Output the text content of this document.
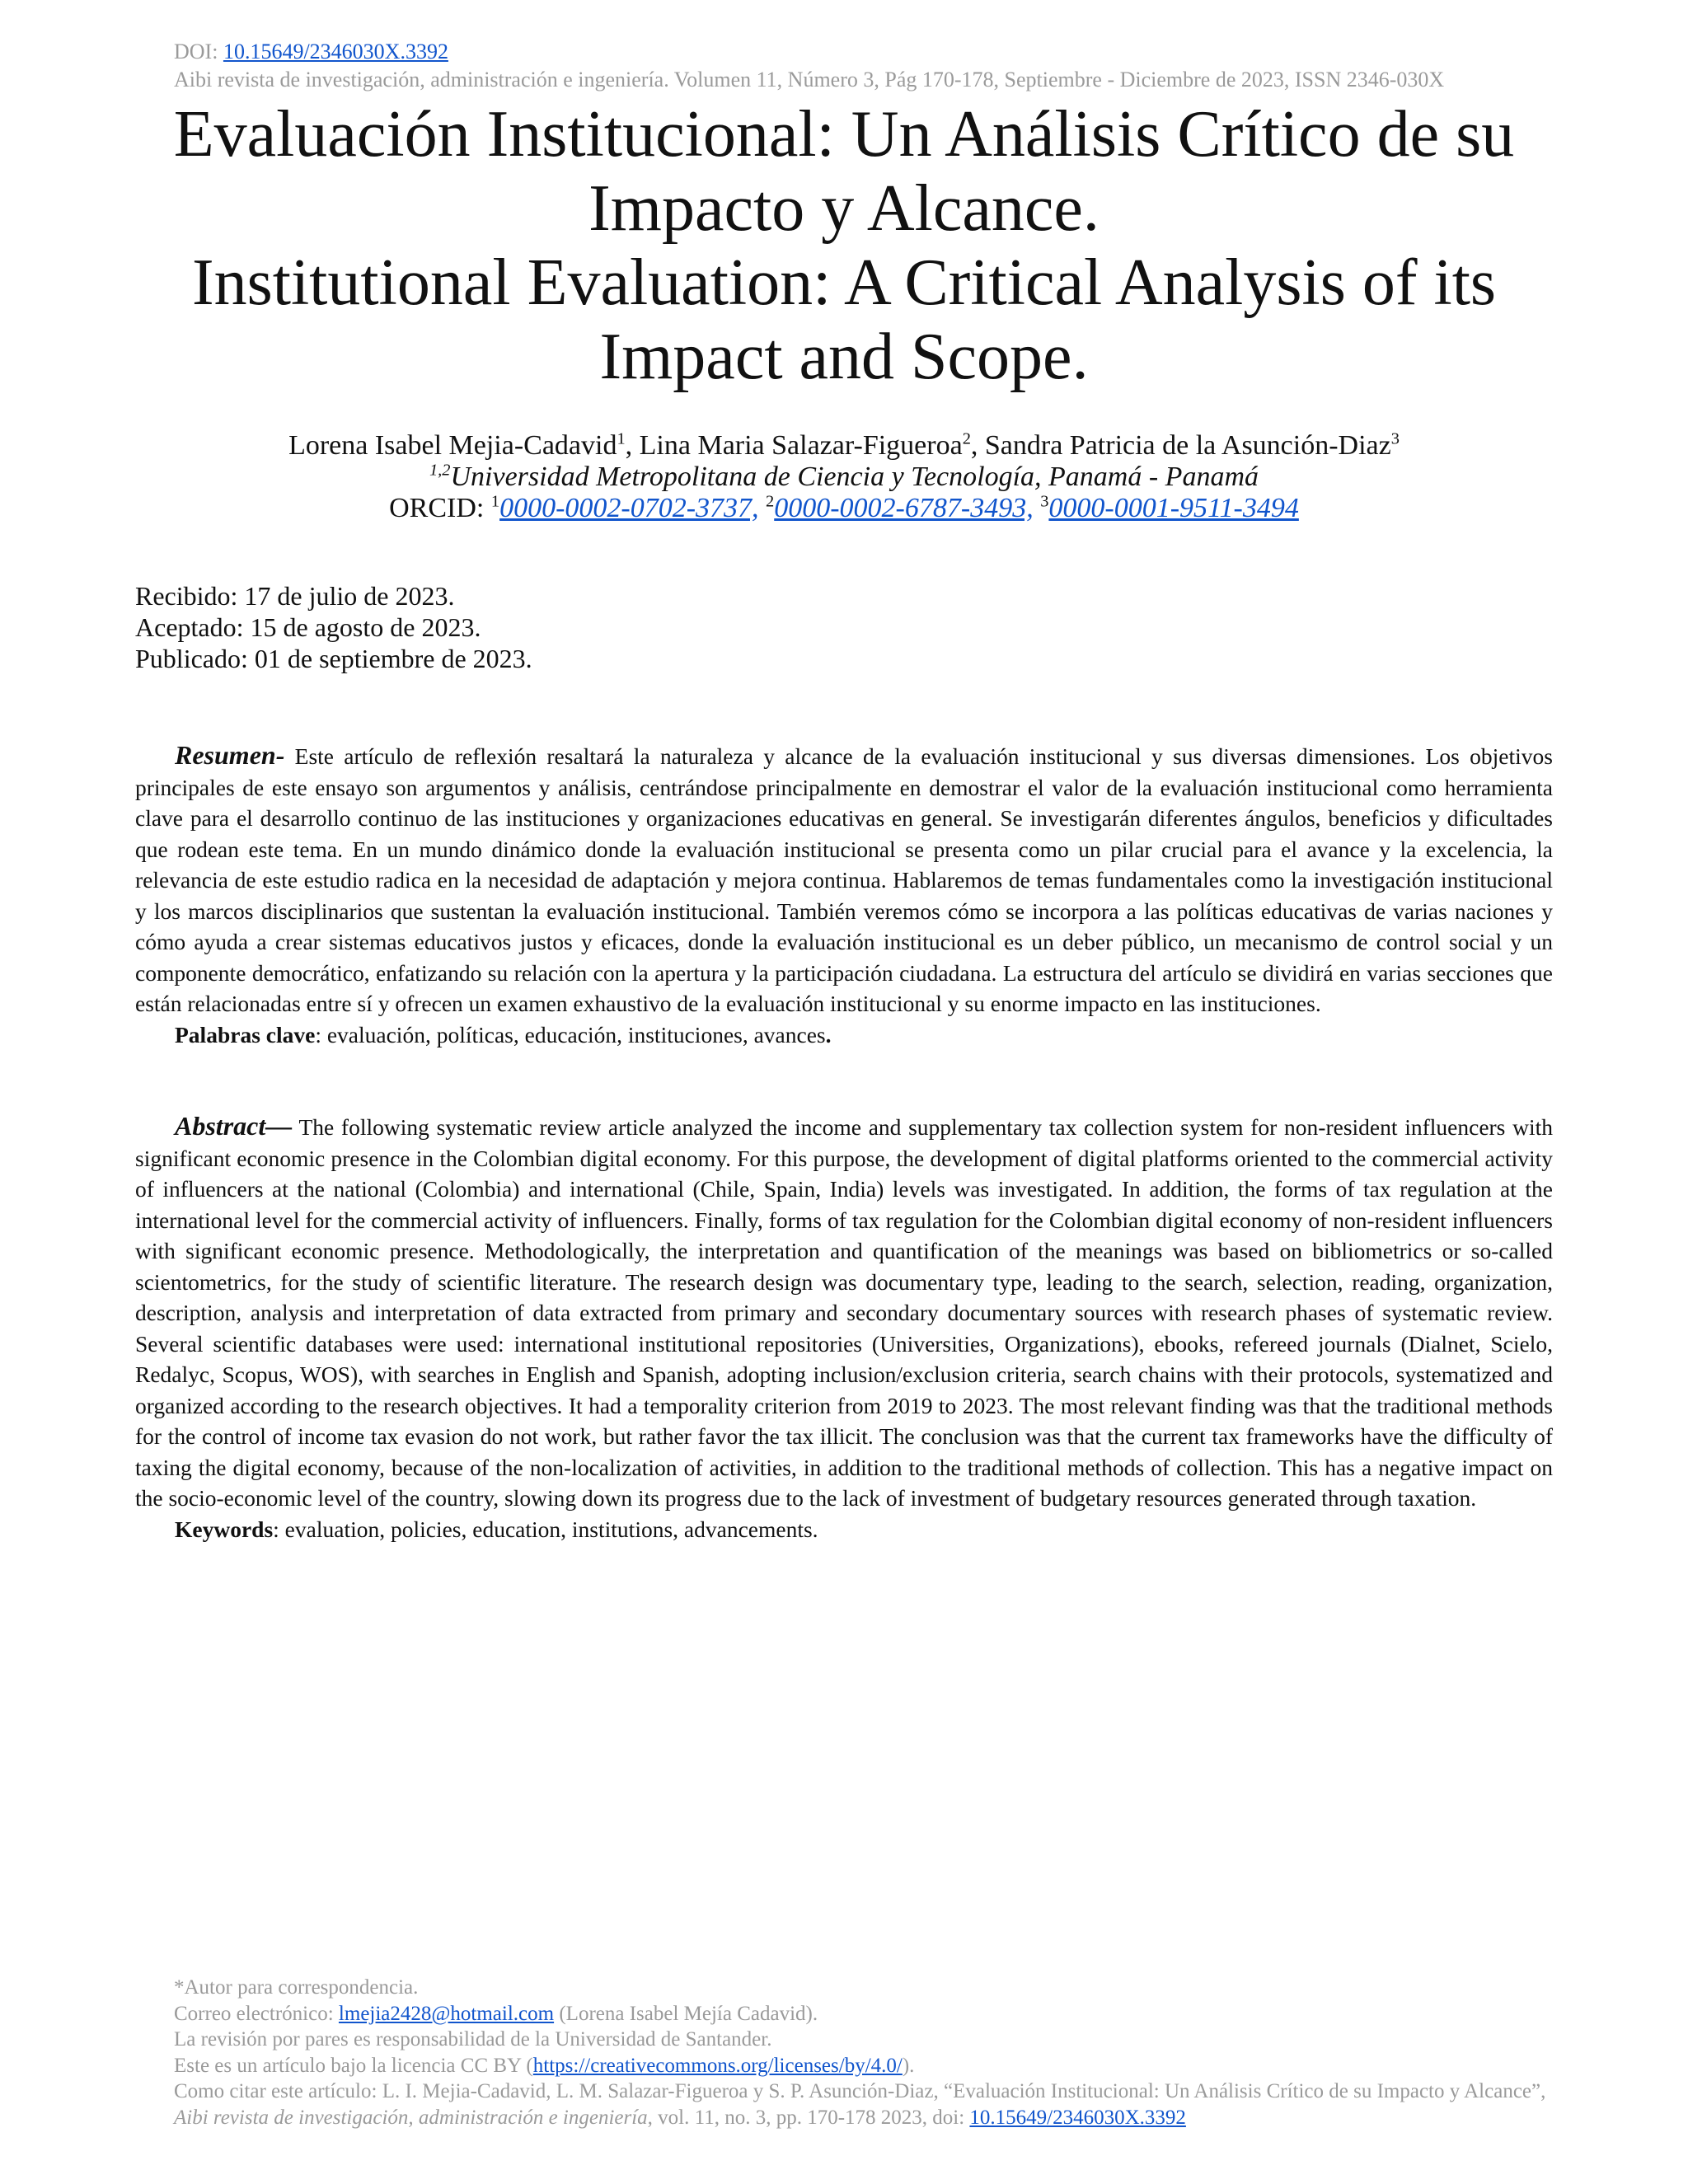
DOI: 10.15649/2346030X.3392
Aibi revista de investigación, administración e ingeniería. Volumen 11, Número 3, Pág 170-178, Septiembre - Diciembre de 2023, ISSN 2346-030X
Evaluación Institucional: Un Análisis Crítico de su
Impacto y Alcance.
Institutional Evaluation: A Critical Analysis of its
Impact and Scope.
Lorena Isabel Mejia-Cadavid$^1$, Lina Maria Salazar-Figueroa$^2$, Sandra Patricia de la Asunción-Diaz$^3$
$^{1,2}$Universidad Metropolitana de Ciencia y Tecnología, Panamá - Panamá
ORCID: $^1$0000-0002-0702-3737, $^2$0000-0002-6787-3493, $^3$0000-0001-9511-3494
Recibido: 17 de julio de 2023.
Aceptado: 15 de agosto de 2023.
Publicado: 01 de septiembre de 2023.

Resumen- Este artículo de reflexión resaltará la naturaleza y alcance de la evaluación institucional y sus diversas dimensiones. Los objetivos principales de este ensayo son argumentos y análisis, centrándose principalmente en demostrar el valor de la evaluación institucional como herramienta clave para el desarrollo continuo de las instituciones y organizaciones educativas en general. Se investigarán diferentes ángulos, beneficios y dificultades que rodean este tema. En un mundo dinámico donde la evaluación institucional se presenta como un pilar crucial para el avance y la excelencia, la relevancia de este estudio radica en la necesidad de adaptación y mejora continua. Hablaremos de temas fundamentales como la investigación institucional y los marcos disciplinarios que sustentan la evaluación institucional. También veremos cómo se incorpora a las políticas educativas de varias naciones y cómo ayuda a crear sistemas educativos justos y eficaces, donde la evaluación institucional es un deber público, un mecanismo de control social y un componente democrático, enfatizando su relación con la apertura y la participación ciudadana. La estructura del artículo se dividirá en varias secciones que están relacionadas entre sí y ofrecen un examen exhaustivo de la evaluación institucional y su enorme impacto en las instituciones.

Palabras clave: evaluación, políticas, educación, instituciones, avances.

Abstract— The following systematic review article analyzed the income and supplementary tax collection system for non-resident influencers with significant economic presence in the Colombian digital economy. For this purpose, the development of digital platforms oriented to the commercial activity of influencers at the national (Colombia) and international (Chile, Spain, India) levels was investigated. In addition, the forms of tax regulation at the international level for the commercial activity of influencers. Finally, forms of tax regulation for the Colombian digital economy of non-resident influencers with significant economic presence. Methodologically, the interpretation and quantification of the meanings was based on bibliometrics or so-called scientometrics, for the study of scientific literature. The research design was documentary type, leading to the search, selection, reading, organization, description, analysis and interpretation of data extracted from primary and secondary documentary sources with research phases of systematic review. Several scientific databases were used: international institutional repositories (Universities, Organizations), ebooks, refereed journals (Dialnet, Scielo, Redalyc, Scopus, WOS), with searches in English and Spanish, adopting inclusion/exclusion criteria, search chains with their protocols, systematized and organized according to the research objectives. It had a temporality criterion from 2019 to 2023. The most relevant finding was that the traditional methods for the control of income tax evasion do not work, but rather favor the tax illicit. The conclusion was that the current tax frameworks have the difficulty of taxing the digital economy, because of the non-localization of activities, in addition to the traditional methods of collection. This has a negative impact on the socio-economic level of the country, slowing down its progress due to the lack of investment of budgetary resources generated through taxation.

Keywords: evaluation, policies, education, institutions, advancements.

*Autor para correspondencia.
Correo electrónico: lmejia2428@hotmail.com (Lorena Isabel Mejía Cadavid).
La revisión por pares es responsabilidad de la Universidad de Santander.
Este es un artículo bajo la licencia CC BY (https://creativecommons.org/licenses/by/4.0/).
Como citar este artículo: L. I. Mejia-Cadavid, L. M. Salazar-Figueroa y S. P. Asunción-Diaz, “Evaluación Institucional: Un Análisis Crítico de su Impacto y Alcance”, Aibi revista de investigación, administración e ingeniería, vol. 11, no. 3, pp. 170-178 2023, doi: 10.15649/2346030X.3392
